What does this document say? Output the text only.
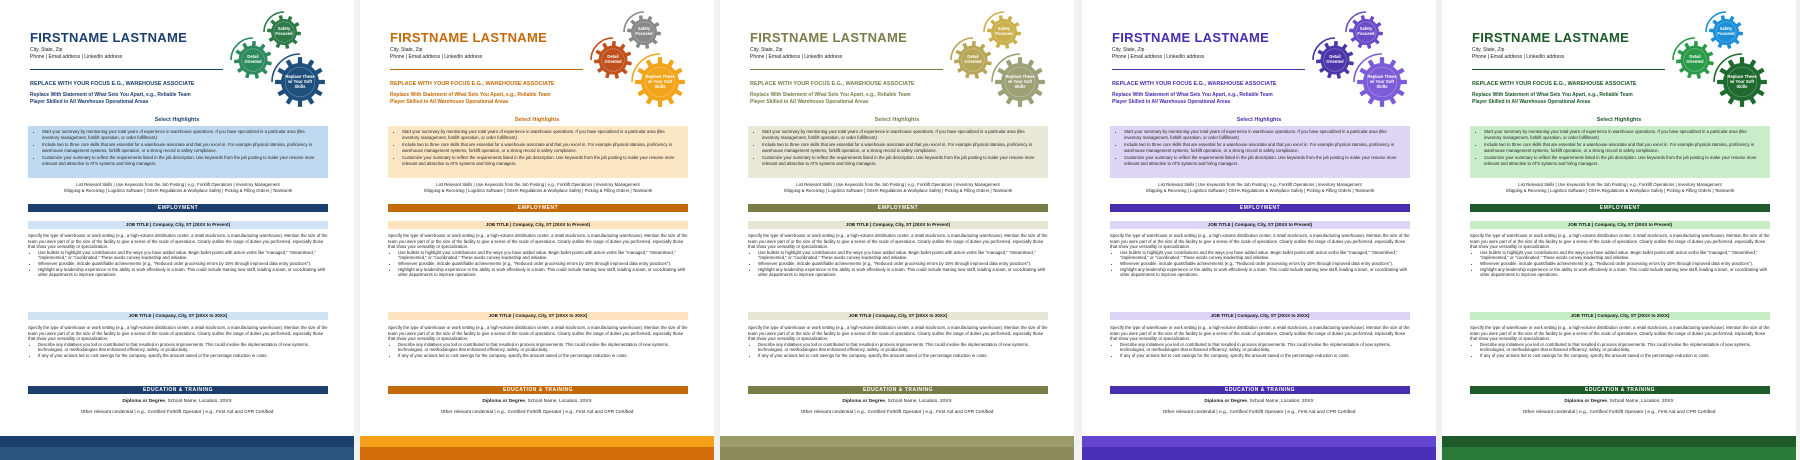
FIRSTNAME LASTNAME
City, State, Zip
Phone | Email address | LinkedIn address
REPLACE WITH YOUR FOCUS E.G., WAREHOUSE ASSOCIATE
Replace With Statement of What Sets You Apart, e.g., Reliable Team
Player Skilled in All Warehouse Operational Areas
Safety Focused
Detail Oriented
Replace These w/ Your Soft Skills
Select Highlights
• Start your summary by mentioning your total years of experience in warehouse operations. If you have specialized in a particular area (like inventory management, forklift operation, or order fulfillment)
• Include two to three core skills that are essential for a warehouse associate and that you excel in. For example physical stamina, proficiency in warehouse management systems, forklift operation, or a strong record in safety compliance.
• Customize your summary to reflect the requirements listed in the job description. Use keywords from the job posting to make your resume more relevant and attractive to ATS systems and hiring managers.
List Relevant Skills | Use Keywords from the Job Posting | e.g., Forklift Operations | Inventory Management
Shipping & Receiving | Logistics Software | OSHA Regulations & Workplace Safety | Picking & Filling Orders | Teamwork
EMPLOYMENT
JOB TITLE | Company, City, ST (20XX to Present)
Specify the type of warehouse or work setting (e.g., a high-volume distribution center, a retail stockroom, a manufacturing warehouse). Mention the size of the team you were part of or the size of the facility to give a sense of the scale of operations. Clearly outline the range of duties you performed, especially those that show your versatility or specialization.
• Use bullets to highlight your contributions and the ways you have added value. Begin bullet points with action verbs like "managed," "streamlined," "implemented," or "coordinated." These words convey leadership and initiative.
• Whenever possible, include quantifiable achievements (e.g., "Reduced order processing errors by 15% through improved data entry practices").
• Highlight any leadership experience or the ability to work effectively in a team. This could include training new staff, leading a team, or coordinating with other departments to improve operations.
JOB TITLE | Company, City, ST (20XX to 20XX)
Specify the type of warehouse or work setting (e.g., a high-volume distribution center, a retail stockroom, a manufacturing warehouse). Mention the size of the team you were part of or the size of the facility to give a sense of the scale of operations. Clearly outline the range of duties you performed, especially those that show your versatility or specialization.
• Describe any initiatives you led or contributed to that resulted in process improvements. This could involve the implementation of new systems, technologies, or methodologies that enhanced efficiency, safety, or productivity.
• If any of your actions led to cost savings for the company, specify the amount saved or the percentage reduction in costs.
EDUCATION & TRAINING
Diploma or Degree, School Name, Location, 20XX
Other relevant credential | e.g., Certified Forklift Operator | e.g., First Aid and CPR Certified
FIRSTNAME LASTNAME
City, State, Zip
Phone | Email address | LinkedIn address
REPLACE WITH YOUR FOCUS E.G., WAREHOUSE ASSOCIATE
Replace With Statement of What Sets You Apart, e.g., Reliable Team
Player Skilled in All Warehouse Operational Areas
Safety Focused
Detail Oriented
Replace These w/ Your Soft Skills
Select Highlights
• Start your summary by mentioning your total years of experience in warehouse operations. If you have specialized in a particular area (like inventory management, forklift operation, or order fulfillment)
• Include two to three core skills that are essential for a warehouse associate and that you excel in. For example physical stamina, proficiency in warehouse management systems, forklift operation, or a strong record in safety compliance.
• Customize your summary to reflect the requirements listed in the job description. Use keywords from the job posting to make your resume more relevant and attractive to ATS systems and hiring managers.
List Relevant Skills | Use Keywords from the Job Posting | e.g., Forklift Operations | Inventory Management
Shipping & Receiving | Logistics Software | OSHA Regulations & Workplace Safety | Picking & Filling Orders | Teamwork
EMPLOYMENT
JOB TITLE | Company, City, ST (20XX to Present)
Specify the type of warehouse or work setting (e.g., a high-volume distribution center, a retail stockroom, a manufacturing warehouse). Mention the size of the team you were part of or the size of the facility to give a sense of the scale of operations. Clearly outline the range of duties you performed, especially those that show your versatility or specialization.
• Use bullets to highlight your contributions and the ways you have added value. Begin bullet points with action verbs like "managed," "streamlined," "implemented," or "coordinated." These words convey leadership and initiative.
• Whenever possible, include quantifiable achievements (e.g., "Reduced order processing errors by 15% through improved data entry practices").
• Highlight any leadership experience or the ability to work effectively in a team. This could include training new staff, leading a team, or coordinating with other departments to improve operations.
JOB TITLE | Company, City, ST (20XX to 20XX)
Specify the type of warehouse or work setting (e.g., a high-volume distribution center, a retail stockroom, a manufacturing warehouse). Mention the size of the team you were part of or the size of the facility to give a sense of the scale of operations. Clearly outline the range of duties you performed, especially those that show your versatility or specialization.
• Describe any initiatives you led or contributed to that resulted in process improvements. This could involve the implementation of new systems, technologies, or methodologies that enhanced efficiency, safety, or productivity.
• If any of your actions led to cost savings for the company, specify the amount saved or the percentage reduction in costs.
EDUCATION & TRAINING
Diploma or Degree, School Name, Location, 20XX
Other relevant credential | e.g., Certified Forklift Operator | e.g., First Aid and CPR Certified
FIRSTNAME LASTNAME
City, State, Zip
Phone | Email address | LinkedIn address
REPLACE WITH YOUR FOCUS E.G., WAREHOUSE ASSOCIATE
Replace With Statement of What Sets You Apart, e.g., Reliable Team
Player Skilled in All Warehouse Operational Areas
Safety Focused
Detail Oriented
Replace These w/ Your Soft Skills
Select Highlights
• Start your summary by mentioning your total years of experience in warehouse operations. If you have specialized in a particular area (like inventory management, forklift operation, or order fulfillment)
• Include two to three core skills that are essential for a warehouse associate and that you excel in. For example physical stamina, proficiency in warehouse management systems, forklift operation, or a strong record in safety compliance.
• Customize your summary to reflect the requirements listed in the job description. Use keywords from the job posting to make your resume more relevant and attractive to ATS systems and hiring managers.
List Relevant Skills | Use Keywords from the Job Posting | e.g., Forklift Operations | Inventory Management
Shipping & Receiving | Logistics Software | OSHA Regulations & Workplace Safety | Picking & Filling Orders | Teamwork
EMPLOYMENT
JOB TITLE | Company, City, ST (20XX to Present)
Specify the type of warehouse or work setting (e.g., a high-volume distribution center, a retail stockroom, a manufacturing warehouse). Mention the size of the team you were part of or the size of the facility to give a sense of the scale of operations. Clearly outline the range of duties you performed, especially those that show your versatility or specialization.
• Use bullets to highlight your contributions and the ways you have added value. Begin bullet points with action verbs like "managed," "streamlined," "implemented," or "coordinated." These words convey leadership and initiative.
• Whenever possible, include quantifiable achievements (e.g., "Reduced order processing errors by 15% through improved data entry practices").
• Highlight any leadership experience or the ability to work effectively in a team. This could include training new staff, leading a team, or coordinating with other departments to improve operations.
JOB TITLE | Company, City, ST (20XX to 20XX)
Specify the type of warehouse or work setting (e.g., a high-volume distribution center, a retail stockroom, a manufacturing warehouse). Mention the size of the team you were part of or the size of the facility to give a sense of the scale of operations. Clearly outline the range of duties you performed, especially those that show your versatility or specialization.
• Describe any initiatives you led or contributed to that resulted in process improvements. This could involve the implementation of new systems, technologies, or methodologies that enhanced efficiency, safety, or productivity.
• If any of your actions led to cost savings for the company, specify the amount saved or the percentage reduction in costs.
EDUCATION & TRAINING
Diploma or Degree, School Name, Location, 20XX
Other relevant credential | e.g., Certified Forklift Operator | e.g., First Aid and CPR Certified
FIRSTNAME LASTNAME
City, State, Zip
Phone | Email address | LinkedIn address
REPLACE WITH YOUR FOCUS E.G., WAREHOUSE ASSOCIATE
Replace With Statement of What Sets You Apart, e.g., Reliable Team
Player Skilled in All Warehouse Operational Areas
Safety Focused
Detail Oriented
Replace These w/ Your Soft Skills
Select Highlights
• Start your summary by mentioning your total years of experience in warehouse operations. If you have specialized in a particular area (like inventory management, forklift operation, or order fulfillment)
• Include two to three core skills that are essential for a warehouse associate and that you excel in. For example physical stamina, proficiency in warehouse management systems, forklift operation, or a strong record in safety compliance.
• Customize your summary to reflect the requirements listed in the job description. Use keywords from the job posting to make your resume more relevant and attractive to ATS systems and hiring managers.
List Relevant Skills | Use Keywords from the Job Posting | e.g., Forklift Operations | Inventory Management
Shipping & Receiving | Logistics Software | OSHA Regulations & Workplace Safety | Picking & Filling Orders | Teamwork
EMPLOYMENT
JOB TITLE | Company, City, ST (20XX to Present)
Specify the type of warehouse or work setting (e.g., a high-volume distribution center, a retail stockroom, a manufacturing warehouse). Mention the size of the team you were part of or the size of the facility to give a sense of the scale of operations. Clearly outline the range of duties you performed, especially those that show your versatility or specialization.
• Use bullets to highlight your contributions and the ways you have added value. Begin bullet points with action verbs like "managed," "streamlined," "implemented," or "coordinated." These words convey leadership and initiative.
• Whenever possible, include quantifiable achievements (e.g., "Reduced order processing errors by 15% through improved data entry practices").
• Highlight any leadership experience or the ability to work effectively in a team. This could include training new staff, leading a team, or coordinating with other departments to improve operations.
JOB TITLE | Company, City, ST (20XX to 20XX)
Specify the type of warehouse or work setting (e.g., a high-volume distribution center, a retail stockroom, a manufacturing warehouse). Mention the size of the team you were part of or the size of the facility to give a sense of the scale of operations. Clearly outline the range of duties you performed, especially those that show your versatility or specialization.
• Describe any initiatives you led or contributed to that resulted in process improvements. This could involve the implementation of new systems, technologies, or methodologies that enhanced efficiency, safety, or productivity.
• If any of your actions led to cost savings for the company, specify the amount saved or the percentage reduction in costs.
EDUCATION & TRAINING
Diploma or Degree, School Name, Location, 20XX
Other relevant credential | e.g., Certified Forklift Operator | e.g., First Aid and CPR Certified
FIRSTNAME LASTNAME
City, State, Zip
Phone | Email address | LinkedIn address
REPLACE WITH YOUR FOCUS E.G., WAREHOUSE ASSOCIATE
Replace With Statement of What Sets You Apart, e.g., Reliable Team
Player Skilled in All Warehouse Operational Areas
Safety Focused
Detail Oriented
Replace These w/ Your Soft Skills
Select Highlights
• Start your summary by mentioning your total years of experience in warehouse operations. If you have specialized in a particular area (like inventory management, forklift operation, or order fulfillment)
• Include two to three core skills that are essential for a warehouse associate and that you excel in. For example physical stamina, proficiency in warehouse management systems, forklift operation, or a strong record in safety compliance.
• Customize your summary to reflect the requirements listed in the job description. Use keywords from the job posting to make your resume more relevant and attractive to ATS systems and hiring managers.
List Relevant Skills | Use Keywords from the Job Posting | e.g., Forklift Operations | Inventory Management
Shipping & Receiving | Logistics Software | OSHA Regulations & Workplace Safety | Picking & Filling Orders | Teamwork
EMPLOYMENT
JOB TITLE | Company, City, ST (20XX to Present)
Specify the type of warehouse or work setting (e.g., a high-volume distribution center, a retail stockroom, a manufacturing warehouse). Mention the size of the team you were part of or the size of the facility to give a sense of the scale of operations. Clearly outline the range of duties you performed, especially those that show your versatility or specialization.
• Use bullets to highlight your contributions and the ways you have added value. Begin bullet points with action verbs like "managed," "streamlined," "implemented," or "coordinated." These words convey leadership and initiative.
• Whenever possible, include quantifiable achievements (e.g., "Reduced order processing errors by 15% through improved data entry practices").
• Highlight any leadership experience or the ability to work effectively in a team. This could include training new staff, leading a team, or coordinating with other departments to improve operations.
JOB TITLE | Company, City, ST (20XX to 20XX)
Specify the type of warehouse or work setting (e.g., a high-volume distribution center, a retail stockroom, a manufacturing warehouse). Mention the size of the team you were part of or the size of the facility to give a sense of the scale of operations. Clearly outline the range of duties you performed, especially those that show your versatility or specialization.
• Describe any initiatives you led or contributed to that resulted in process improvements. This could involve the implementation of new systems, technologies, or methodologies that enhanced efficiency, safety, or productivity.
• If any of your actions led to cost savings for the company, specify the amount saved or the percentage reduction in costs.
EDUCATION & TRAINING
Diploma or Degree, School Name, Location, 20XX
Other relevant credential | e.g., Certified Forklift Operator | e.g., First Aid and CPR Certified
